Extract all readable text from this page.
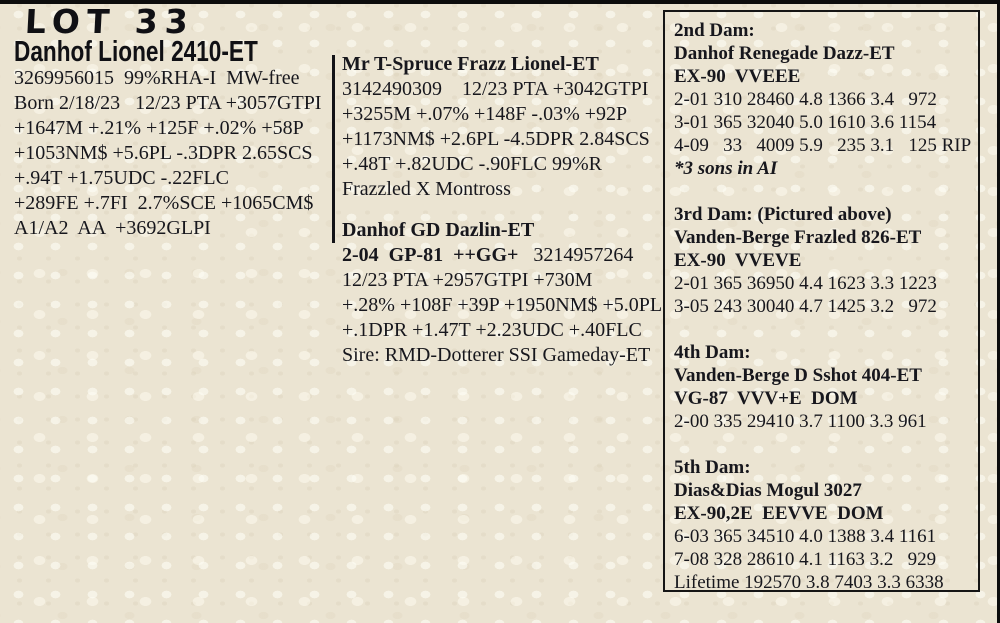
LOT 33
Danhof Lionel 2410-ET
3269956015  99%RHA-I  MW-free
Born 2/18/23   12/23 PTA +3057GTPI
+1647M +.21% +125F +.02% +58P
+1053NM$ +5.6PL -.3DPR 2.65SCS
+.94T +1.75UDC -.22FLC
+289FE +.7FI  2.7%SCE +1065CM$
A1/A2  AA  +3692GLPI
Mr T-Spruce Frazz Lionel-ET
3142490309    12/23 PTA +3042GTPI
+3255M +.07% +148F -.03% +92P
+1173NM$ +2.6PL -4.5DPR 2.84SCS
+.48T +.82UDC -.90FLC 99%R
Frazzled X Montross
Danhof GD Dazlin-ET
2-04  GP-81  ++GG+ 3214957264
12/23 PTA +2957GTPI +730M
+.28% +108F +39P +1950NM$ +5.0PL
+.1DPR +1.47T +2.23UDC +.40FLC
Sire: RMD-Dotterer SSI Gameday-ET
2nd Dam:
Danhof Renegade Dazz-ET
EX-90  VVEEE
2-01 310 28460 4.8 1366 3.4   972
3-01 365 32040 5.0 1610 3.6 1154
4-09   33   4009 5.9   235 3.1   125 RIP
*3 sons in AI
3rd Dam: (Pictured above)
Vanden-Berge Frazled 826-ET
EX-90  VVEVE
2-01 365 36950 4.4 1623 3.3 1223
3-05 243 30040 4.7 1425 3.2   972
4th Dam:
Vanden-Berge D Sshot 404-ET
VG-87  VVV+E  DOM
2-00 335 29410 3.7 1100 3.3 961
5th Dam:
Dias&Dias Mogul 3027
EX-90,2E  EEVVE  DOM
6-03 365 34510 4.0 1388 3.4 1161
7-08 328 28610 4.1 1163 3.2   929
Lifetime 192570 3.8 7403 3.3 6338
